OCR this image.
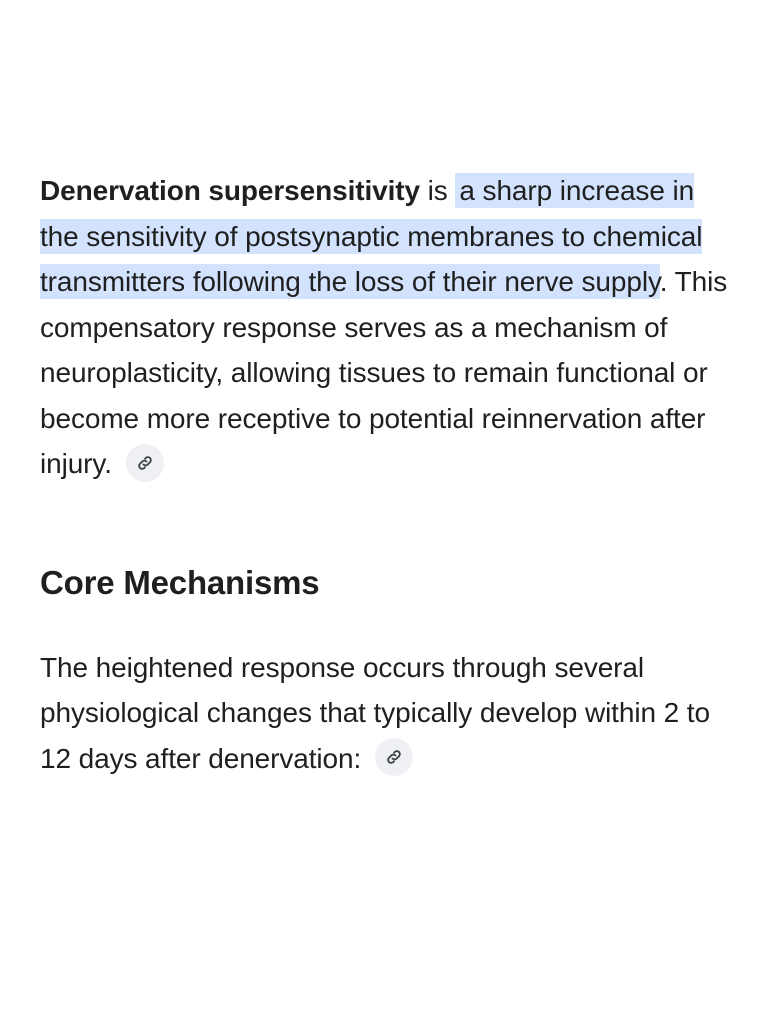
Denervation supersensitivity is a sharp increase in the sensitivity of postsynaptic membranes to chemical transmitters following the loss of their nerve supply. This compensatory response serves as a mechanism of neuroplasticity, allowing tissues to remain functional or become more receptive to potential reinnervation after injury.

Core Mechanisms

The heightened response occurs through several physiological changes that typically develop within 2 to 12 days after denervation:
